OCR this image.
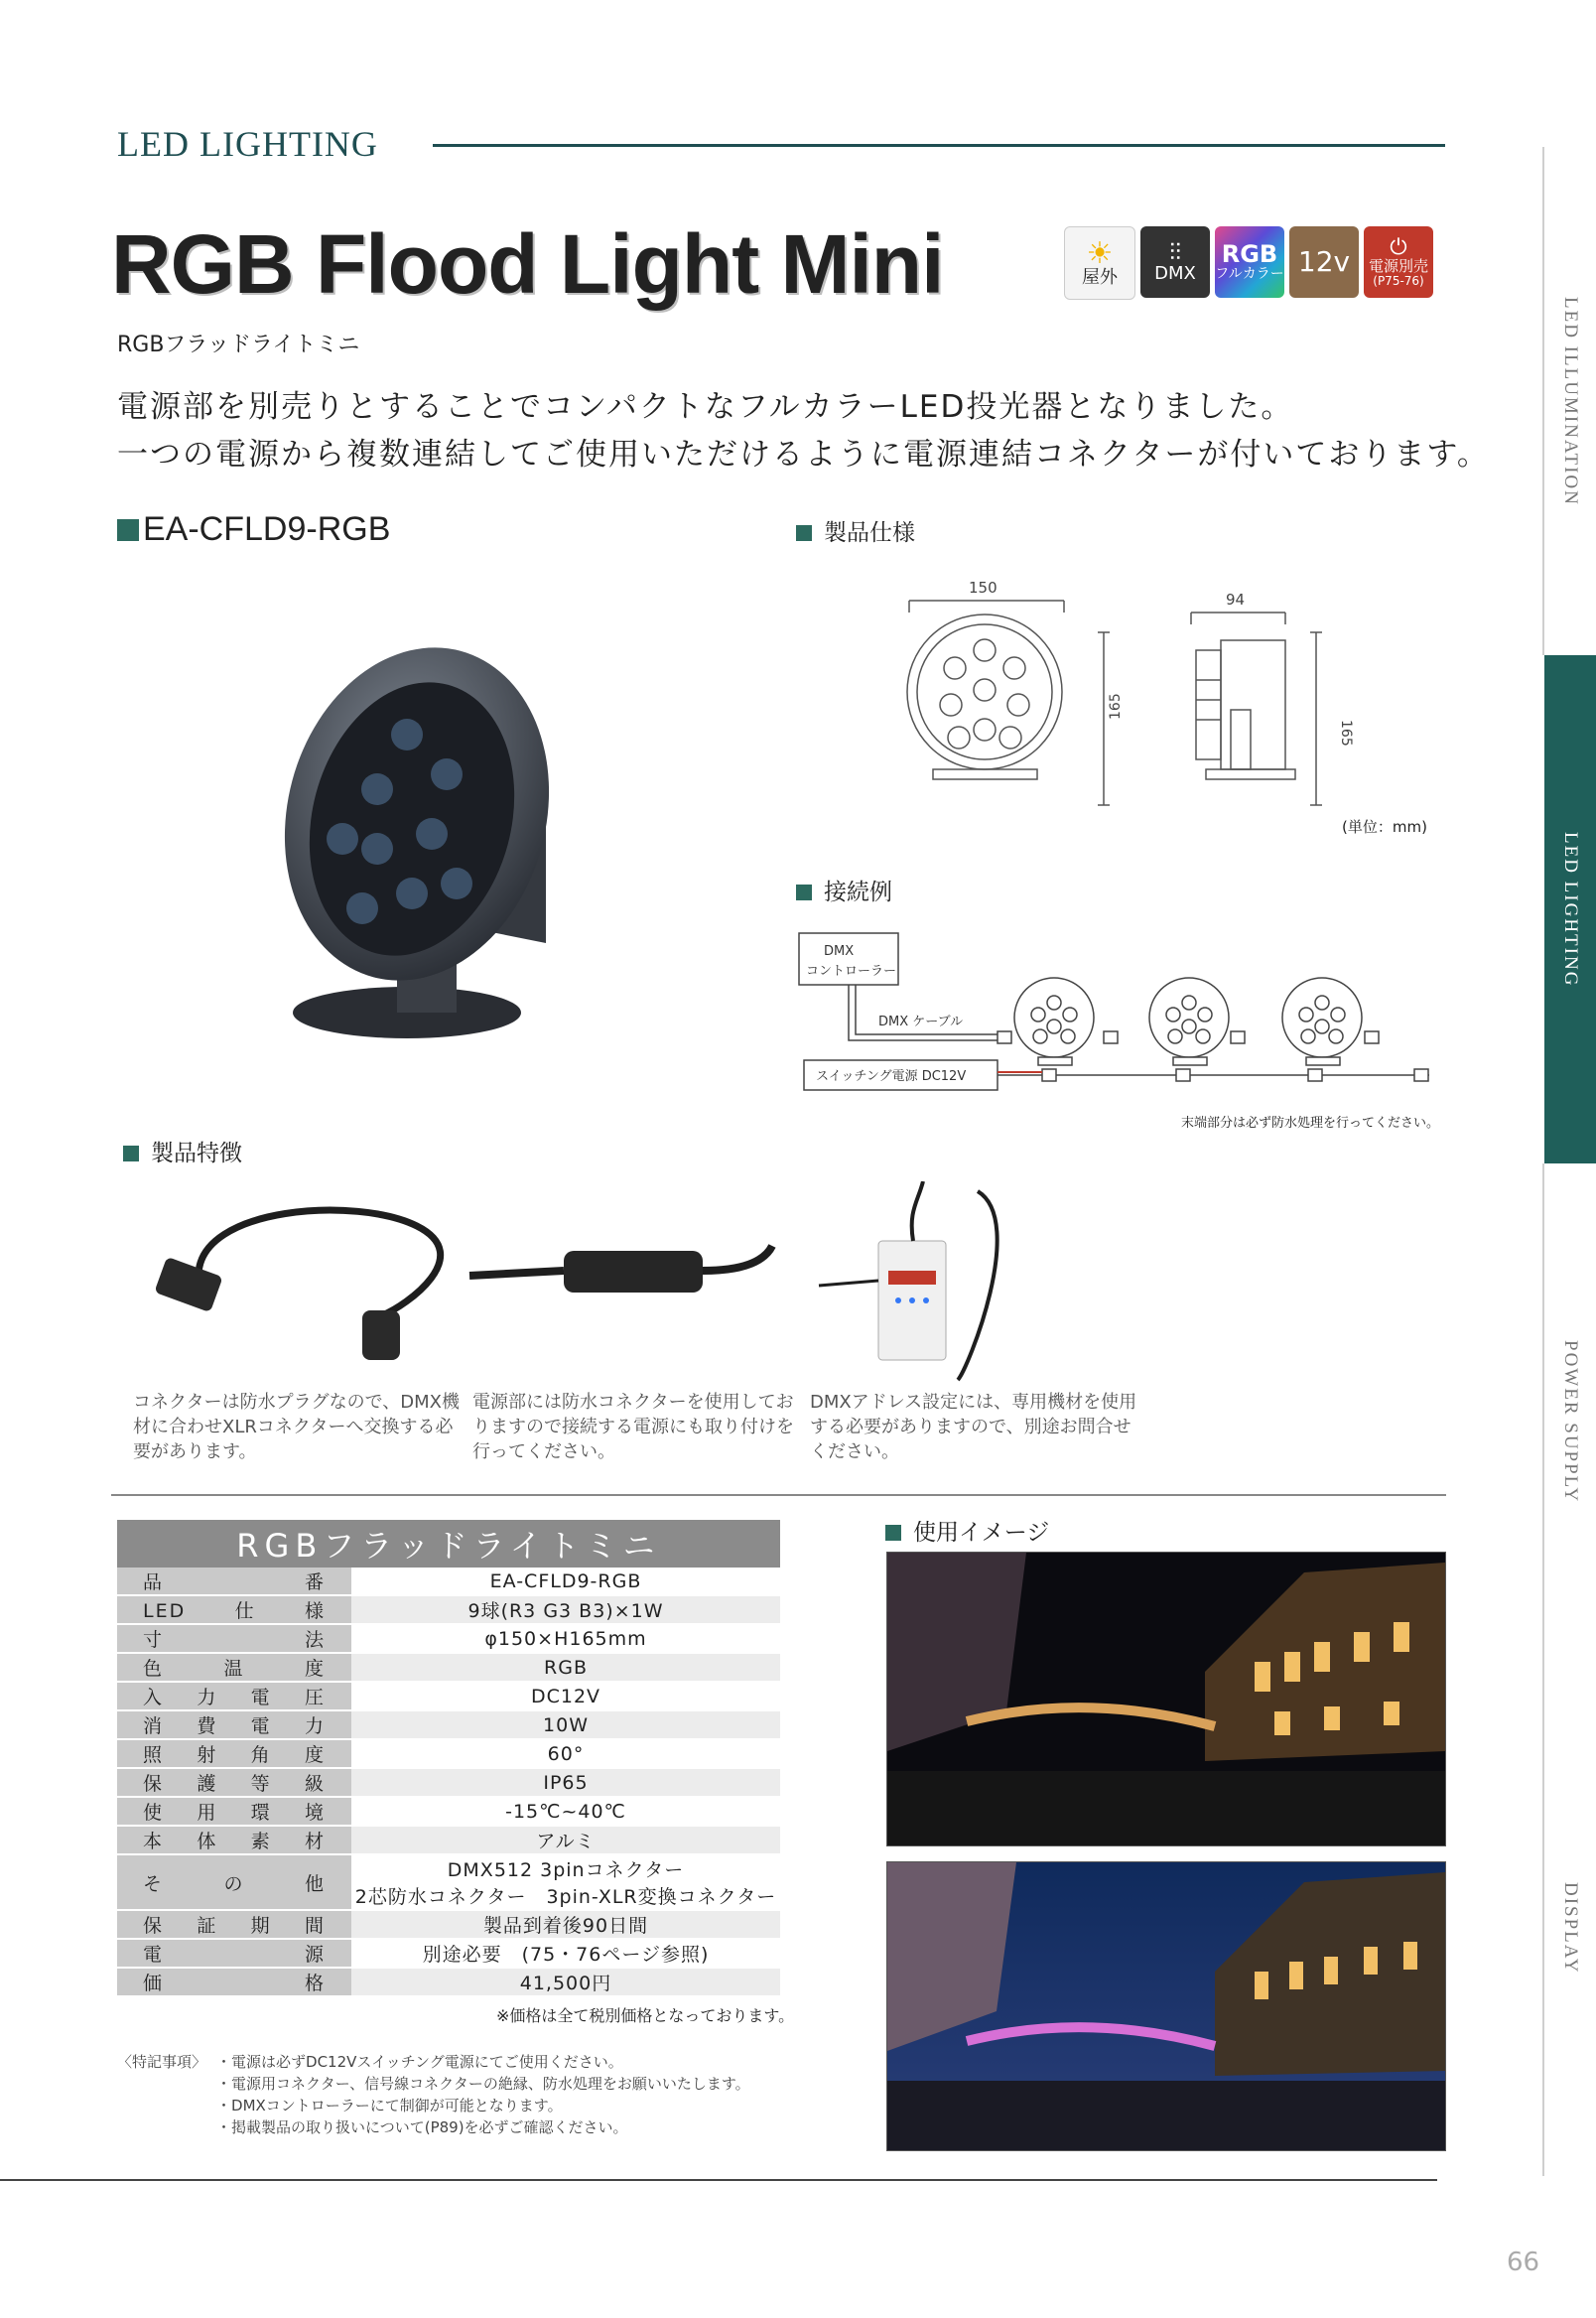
LED LIGHTING
RGB Flood Light Mini
RGBフラッドライトミニ
電源部を別売りとすることでコンパクトなフルカラーLED投光器となりました。
一つの電源から複数連結してご使用いただけるように電源連結コネクターが付いております。
☀
屋外
⫶⫶
DMX
RGB
フルカラー 12v	⏻
電源別売
(P75-76)
LED ILLUMINATION
LED LIGHTING
POWER SUPPLY
DISPLAY
EA-CFLD9-RGB	製品仕様
150
94
165
165
(単位：mm)
接続例
DMX
コントローラー
DMX ケーブル
スイッチング電源 DC12V
末端部分は必ず防水処理を行ってください。
製品特徴
コネクターは防水プラグなので、DMX機材に合わせXLRコネクターへ交換する必要があります。
電源部には防水コネクターを使用しておりますので接続する電源にも取り付けを行ってください。
DMXアドレス設定には、専用機材を使用する必要がありますので、別途お問合せください。
RGBフラッドライトミニ	
品番	EA-CFLD9-RGB
LED仕様	9球(R3 G3 B3)×1W
寸法	φ150×H165mm
色温度	RGB
入力電圧	DC12V
消費電力	10W
照射角度	60°
保護等級	IP65
使用環境	-15℃~40℃
本体素材	アルミ
その他	DMX512 3pinコネクター
2芯防水コネクター　3pin-XLR変換コネクター

保証期間	製品到着後90日間
電源	別途必要　(75・76ページ参照)
価格	41,500円
※価格は全て税別価格となっております。
〈特記事項〉 ・電源は必ずDC12Vスイッチング電源にてご使用ください。
・電源用コネクター、信号線コネクターの絶縁、防水処理をお願いいたします。
・DMXコントローラーにて制御が可能となります。
・掲載製品の取り扱いについて(P89)を必ずご確認ください。
使用イメージ
66
